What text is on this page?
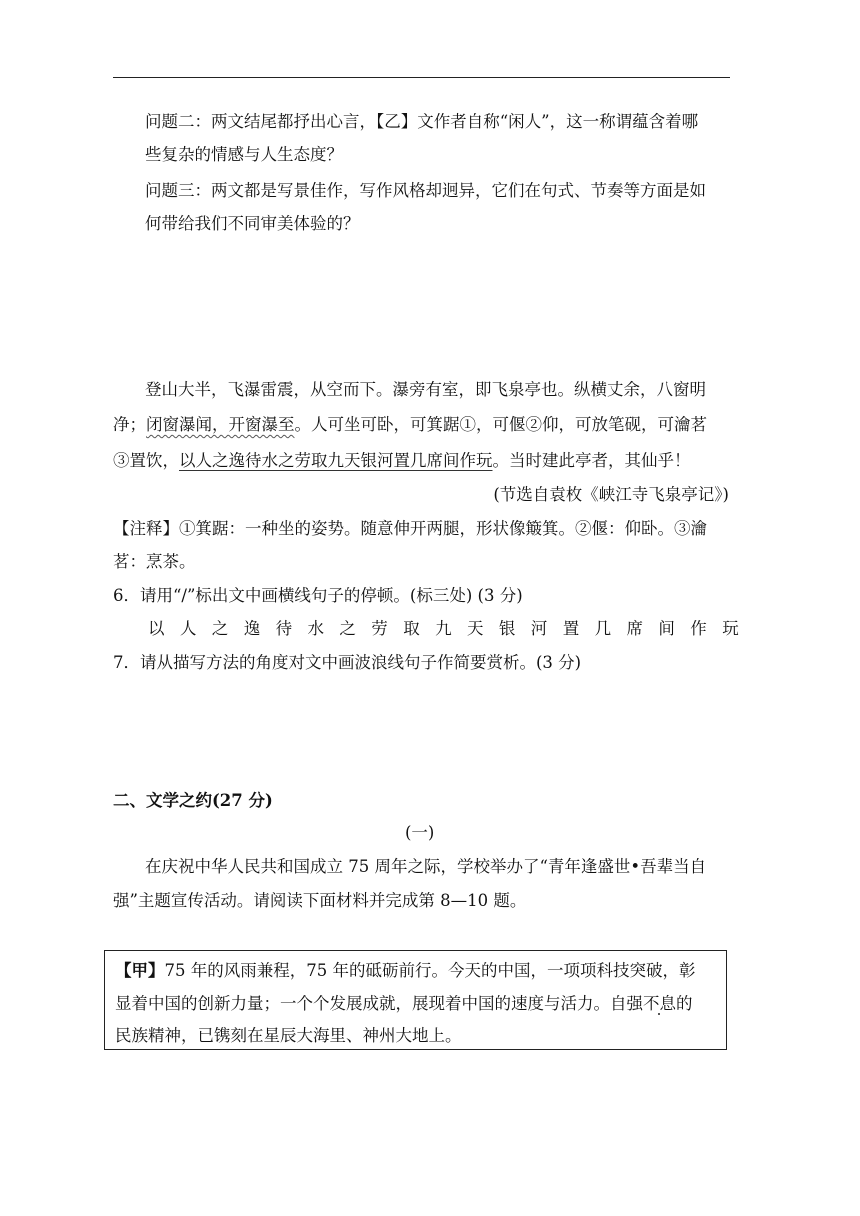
问题二：两文结尾都抒出心言，【乙】文作者自称“闲人”，这一称谓蕴含着哪
些复杂的情感与人生态度？
问题三：两文都是写景佳作，写作风格却迥异，它们在句式、节奏等方面是如
何带给我们不同审美体验的？
登山大半，飞瀑雷震，从空而下。瀑旁有室，即飞泉亭也。纵横丈余，八窗明
净；闭窗瀑闻，开窗瀑至。人可坐可卧，可箕踞①，可偃②仰，可放笔砚，可瀹茗
③置饮，以人之逸待水之劳取九天银河置几席间作玩。当时建此亭者，其仙乎！
(节选自袁枚《峡江寺飞泉亭记》)
【注释】①箕踞：一种坐的姿势。随意伸开两腿，形状像簸箕。②偃：仰卧。③瀹
茗：烹茶。
6．请用“/”标出文中画横线句子的停顿。(标三处) (3 分)
以人之逸待水之劳取九天银河置几席间作玩
7．请从描写方法的角度对文中画波浪线句子作简要赏析。(3 分)
二、文学之约(27 分)
(一)
在庆祝中华人民共和国成立 75 周年之际，学校举办了“青年逢盛世•吾辈当自
强”主题宣传活动。请阅读下面材料并完成第 8—10 题。
【甲】75 年的风雨兼程，75 年的砥砺前行。今天的中国，一项项科技突破，彰
显着中国的创新力量；一个个发展成就，展现着中国的速度与活力。自强不息的
民族精神，已镌刻在星辰大海里、神州大地上。
